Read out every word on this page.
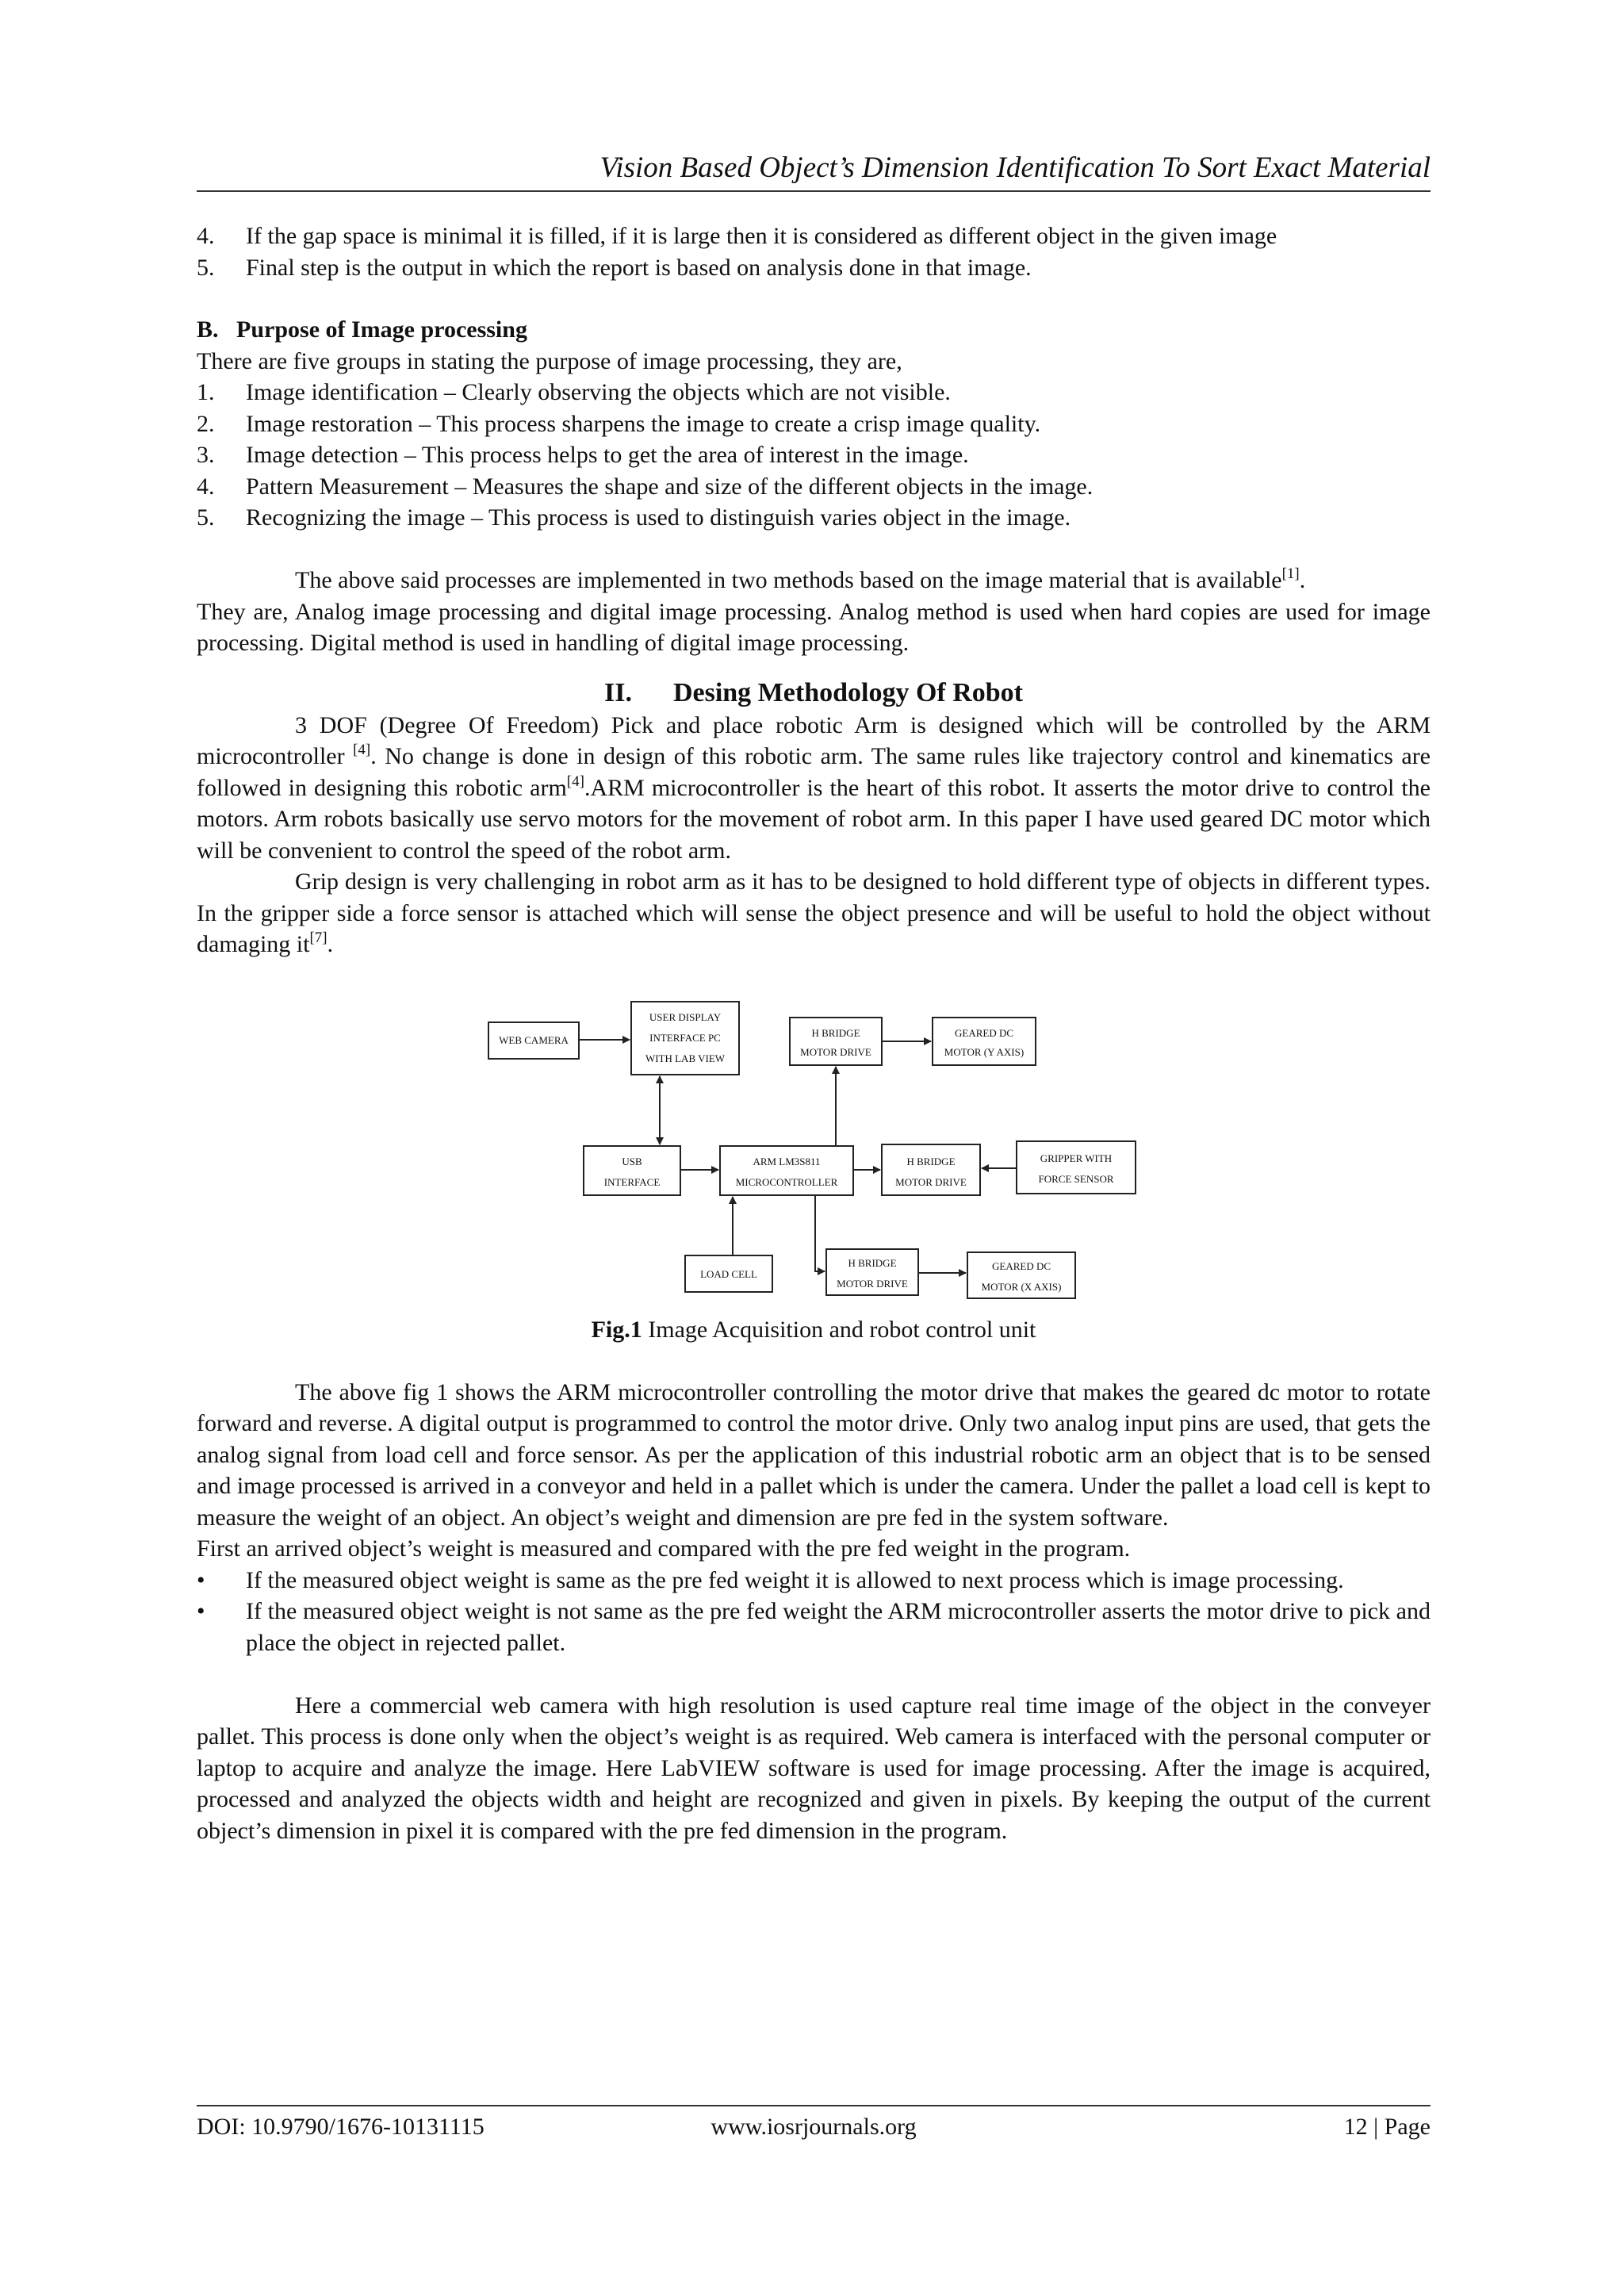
Vision Based Object’s Dimension Identification To Sort Exact Material
4. If the gap space is minimal it is filled, if it is large then it is considered as different object in the given image
5. Final step is the output in which the report is based on analysis done in that image.
B.   Purpose of Image processing

There are five groups in stating the purpose of image processing, they are,

1. Image identification – Clearly observing the objects which are not visible.
2. Image restoration – This process sharpens the image to create a crisp image quality.
3. Image detection – This process helps to get the area of interest in the image.
4. Pattern Measurement – Measures the shape and size of the different objects in the image.
5. Recognizing the image – This process is used to distinguish varies object in the image.

The above said processes are implemented in two methods based on the image material that is available[1].

They are, Analog image processing and digital image processing. Analog method is used when hard copies are used for image processing. Digital method is used in handling of digital image processing.

II. Desing Methodology Of Robot

3 DOF (Degree Of Freedom) Pick and place robotic Arm is designed which will be controlled by the ARM microcontroller [4]. No change is done in design of this robotic arm. The same rules like trajectory control and kinematics are followed in designing this robotic arm[4].ARM microcontroller is the heart of this robot. It asserts the motor drive to control the motors. Arm robots basically use servo motors for the movement of robot arm. In this paper I have used geared DC motor which will be convenient to control the speed of the robot arm.

Grip design is very challenging in robot arm as it has to be designed to hold different type of objects in different types. In the gripper side a force sensor is attached which will sense the object presence and will be useful to hold the object without damaging it[7].

WEB CAMERA
USER DISPLAY
INTERFACE PC
WITH LAB VIEW
H BRIDGE
MOTOR DRIVE
GEARED DC
MOTOR (Y AXIS)
USB
INTERFACE
ARM LM3S811
MICROCONTROLLER
H BRIDGE
MOTOR DRIVE
GRIPPER WITH
FORCE SENSOR
LOAD CELL
H BRIDGE
MOTOR DRIVE
GEARED DC
MOTOR (X AXIS)
Fig.1 Image Acquisition and robot control unit

The above fig 1 shows the ARM microcontroller controlling the motor drive that makes the geared dc motor to rotate forward and reverse. A digital output is programmed to control the motor drive. Only two analog input pins are used, that gets the analog signal from load cell and force sensor. As per the application of this industrial robotic arm an object that is to be sensed and image processed is arrived in a conveyor and held in a pallet which is under the camera. Under the pallet a load cell is kept to measure the weight of an object. An object’s weight and dimension are pre fed in the system software.

First an arrived object’s weight is measured and compared with the pre fed weight in the program.

• If the measured object weight is same as the pre fed weight it is allowed to next process which is image processing.
• If the measured object weight is not same as the pre fed weight the ARM microcontroller asserts the motor drive to pick and place the object in rejected pallet.

Here a commercial web camera with high resolution is used capture real time image of the object in the conveyer pallet. This process is done only when the object’s weight is as required. Web camera is interfaced with the personal computer or laptop to acquire and analyze the image. Here LabVIEW software is used for image processing. After the image is acquired, processed and analyzed the objects width and height are recognized and given in pixels. By keeping the output of the current object’s dimension in pixel it is compared with the pre fed dimension in the program.

DOI: 10.9790/1676-10131115	www.iosrjournals.org	12 | Page
